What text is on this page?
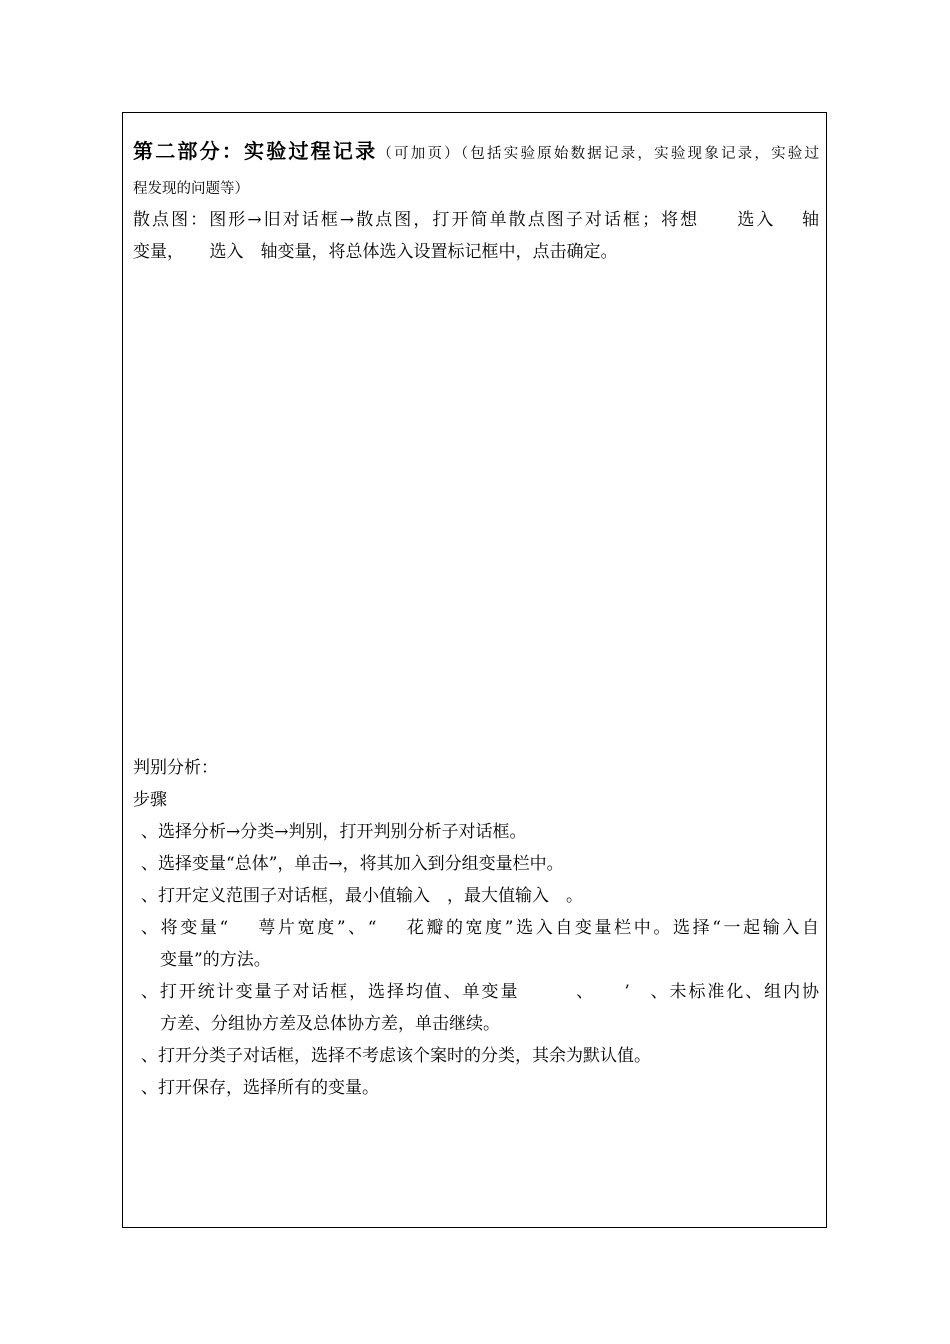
第二部分：实验过程记录（可加页）（包括实验原始数据记录，实验现象记录，实验过
程发现的问题等）
散点图：图形→旧对话框→散点图，打开简单散点图子对话框；将想　　选入　 轴
变量，　　选入　轴变量，将总体选入设置标记框中，点击确定。
判别分析：
步骤
、选择分析→分类→判别，打开判别分析子对话框。
、选择变量“总体”，单击→，将其加入到分组变量栏中。
、打开定义范围子对话框，最小值输入　，最大值输入　。
、将变量“　 萼片宽度”、“　 花瓣的宽度”选入自变量栏中。选择“一起输入自
变量”的方法。
、打开统计变量子对话框，选择均值、单变量　　　、　　’　、未标准化、组内协
方差、分组协方差及总体协方差，单击继续。
、打开分类子对话框，选择不考虑该个案时的分类，其余为默认值。
、打开保存，选择所有的变量。
